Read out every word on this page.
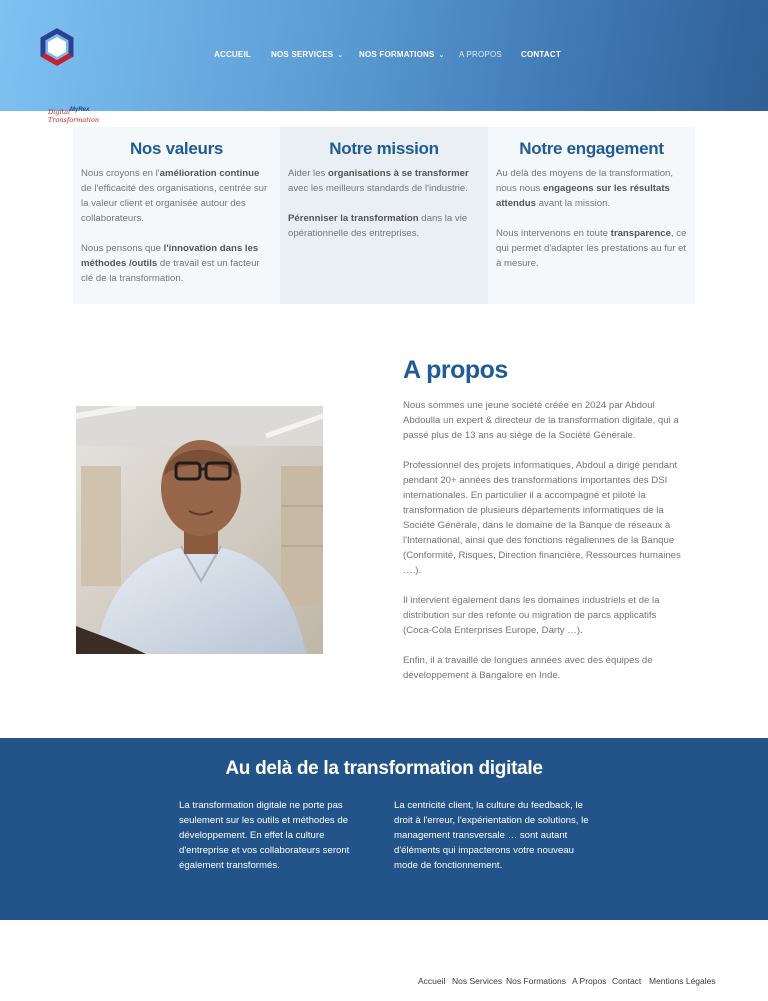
MyRex
Digital Transformation
ACCUEIL	NOS SERVICES ⌄ NOS FORMATIONS ⌄ A PROPOS CONTACT
Nos valeurs

Nous croyons en l'amélioration continue de l'efficacité des organisations, centrée sur la valeur client et organisée autour des collaborateurs.

Nous pensons que l'innovation dans les méthodes /outils de travail est un facteur clé de la transformation.

Notre mission

Aider les organisations à se transformer avec les meilleurs standards de l'industrie.

Pérenniser la transformation dans la vie opérationnelle des entreprises.

Notre engagement

Au delà des moyens de la transformation, nous nous engageons sur les résultats attendus avant la mission.

Nous intervenons en toute transparence, ce qui permet d'adapter les prestations au fur et à mesure.

A propos

Nous sommes une jeune société créée en 2024 par Abdoul Abdoulla un expert & directeur de la transformation digitale, qui a passé plus de 13 ans au siège de la Société Générale.

Professionnel des projets informatiques, Abdoul a dirigé pendant pendant 20+ années des transformations importantes des DSI internationales. En particulier il a accompagné et piloté la transformation de plusieurs départements informatiques de la Société Générale, dans le domaine de la Banque de réseaux à l'International, ainsi que des fonctions régaliennes de la Banque (Conformité, Risques, Direction financière, Ressources humaines ….).

Il intervient également dans les domaines industriels et de la distribution sur des refonte ou migration de parcs applicatifs (Coca-Cola Enterprises Europe, Darty …).

Enfin, il a travaillé de longues années avec des équipes de développement à Bangalore en Inde.

Au delà de la transformation digitale
La transformation digitale ne porte pas seulement sur les outils et méthodes de développement. En effet la culture d'entreprise et vos collaborateurs seront également transformés.
La centricité client, la culture du feedback, le droit à l'erreur, l'expérientation de solutions, le management transversale … sont autant d'éléments qui impacterons votre nouveau mode de fonctionnement.
Accueil Nos Services Nos Formations A Propos Contact Mentions Légales
